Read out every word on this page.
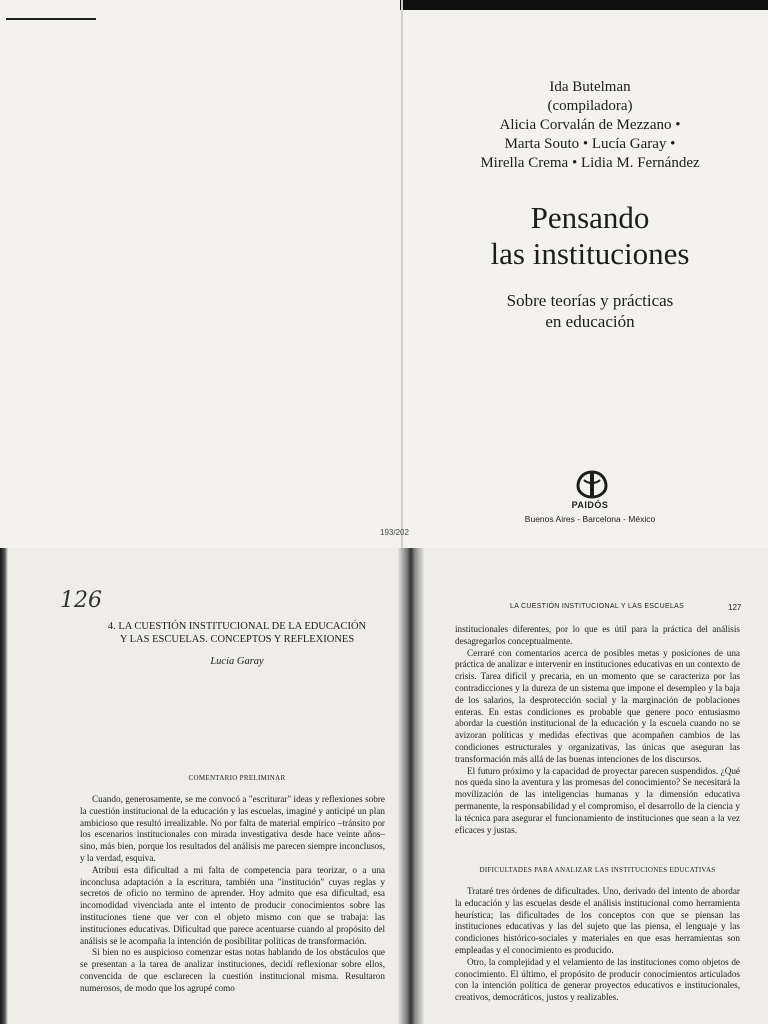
Ida Butelman
(compiladora)
Alicia Corvalán de Mezzano •
Marta Souto • Lucía Garay •
Mirella Crema • Lidia M. Fernández
Pensando
las instituciones
Sobre teorías y prácticas
en educación
PAIDÓS
Buenos Aires - Barcelona - México
193/202
126
4. LA CUESTIÓN INSTITUCIONAL DE LA EDUCACIÓN
Y LAS ESCUELAS. CONCEPTOS Y REFLEXIONES
Lucía Garay
COMENTARIO PRELIMINAR

Cuando, generosamente, se me convocó a "escriturar" ideas y reflexiones sobre la cuestión institucional de la educación y las escuelas, imaginé y anticipé un plan ambicioso que resultó irrealizable. No por falta de material empírico –tránsito por los escenarios institucionales con mirada investigativa desde hace veinte años– sino, más bien, porque los resultados del análisis me parecen siempre inconclusos, y la verdad, esquiva.

Atribuí esta dificultad a mi falta de competencia para teorizar, o a una inconclusa adaptación a la escritura, también una "institución" cuyas reglas y secretos de oficio no termino de aprender. Hoy admito que esa dificultad, esa incomodidad vivenciada ante el intento de producir conocimientos sobre las instituciones tiene que ver con el objeto mismo con que se trabaja: las instituciones educativas. Dificultad que parece acentuarse cuando al propósito del análisis se le acompaña la intención de posibilitar políticas de transformación.

Si bien no es auspicioso comenzar estas notas hablando de los obstáculos que se presentan a la tarea de analizar instituciones, decidí reflexionar sobre ellos, convencida de que esclarecen la cuestión institucional misma. Resultaron numerosos, de modo que los agrupé como

LA CUESTIÓN INSTITUCIONAL Y LAS ESCUELAS	127

institucionales diferentes, por lo que es útil para la práctica del análisis desagregarlos conceptualmente.

Cerraré con comentarios acerca de posibles metas y posiciones de una práctica de analizar e intervenir en instituciones educativas en un contexto de crisis. Tarea difícil y precaria, en un momento que se caracteriza por las contradicciones y la dureza de un sistema que impone el desempleo y la baja de los salarios, la desprotección social y la marginación de poblaciones enteras. En estas condiciones es probable que genere poco entusiasmo abordar la cuestión institucional de la educación y la escuela cuando no se avizoran políticas y medidas efectivas que acompañen cambios de las condiciones estructurales y organizativas, las únicas que aseguran las transformación más allá de las buenas intenciones de los discursos.

El futuro próximo y la capacidad de proyectar parecen suspendidos. ¿Qué nos queda sino la aventura y las promesas del conocimiento? Se necesitará la movilización de las inteligencias humanas y la dimensión educativa permanente, la responsabilidad y el compromiso, el desarrollo de la ciencia y la técnica para asegurar el funcionamiento de instituciones que sean a la vez eficaces y justas.

DIFICULTADES PARA ANALIZAR LAS INSTITUCIONES EDUCATIVAS

Trataré tres órdenes de dificultades. Uno, derivado del intento de abordar la educación y las escuelas desde el análisis institucional como herramienta heurística; las dificultades de los conceptos con que se piensan las instituciones educativas y las del sujeto que las piensa, el lenguaje y las condiciones histórico-sociales y materiales en que esas herramientas son empleadas y el conocimiento es producido.

Otro, la complejidad y el velamiento de las instituciones como objetos de conocimiento. El último, el propósito de producir conocimientos articulados con la intención política de generar proyectos educativos e institucionales, creativos, democráticos, justos y realizables.
